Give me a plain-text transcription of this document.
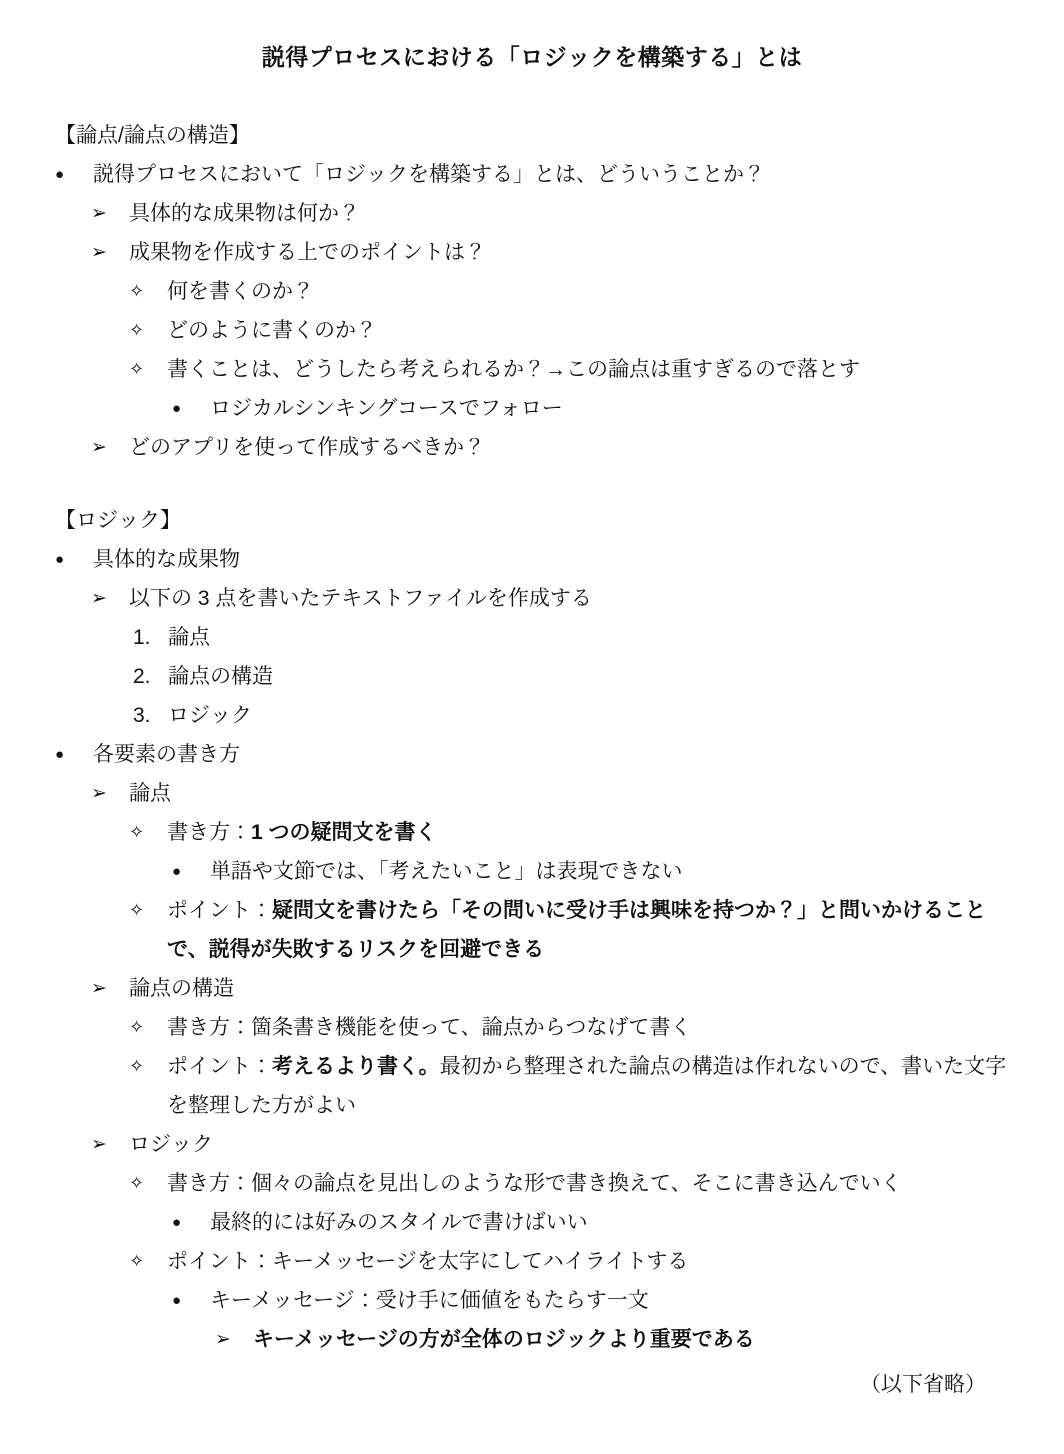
説得プロセスにおける「ロジックを構築する」とは
【論点/論点の構造】
●	説得プロセスにおいて「ロジックを構築する」とは、どういうことか？
➢	具体的な成果物は何か？
➢	成果物を作成する上でのポイントは？
✧	何を書くのか？
✧	どのように書くのか？
✧	書くことは、どうしたら考えられるか？→この論点は重すぎるので落とす
●	ロジカルシンキングコースでフォロー
➢	どのアプリを使って作成するべきか？
【ロジック】
●	具体的な成果物
➢	以下の 3 点を書いたテキストファイルを作成する
1. 論点
2. 論点の構造
3. ロジック
●	各要素の書き方
➢	論点
✧	書き方：1 つの疑問文を書く
●	単語や文節では、「考えたいこと」は表現できない
✧	ポイント：疑問文を書けたら「その問いに受け手は興味を持つか？」と問いかけることで、説得が失敗するリスクを回避できる
➢	論点の構造
✧	書き方：箇条書き機能を使って、論点からつなげて書く
✧	ポイント：考えるより書く。最初から整理された論点の構造は作れないので、書いた文字を整理した方がよい
➢	ロジック
✧	書き方：個々の論点を見出しのような形で書き換えて、そこに書き込んでいく
●	最終的には好みのスタイルで書けばいい
✧	ポイント：キーメッセージを太字にしてハイライトする
●	キーメッセージ：受け手に価値をもたらす一文
➢	キーメッセージの方が全体のロジックより重要である
（以下省略）
